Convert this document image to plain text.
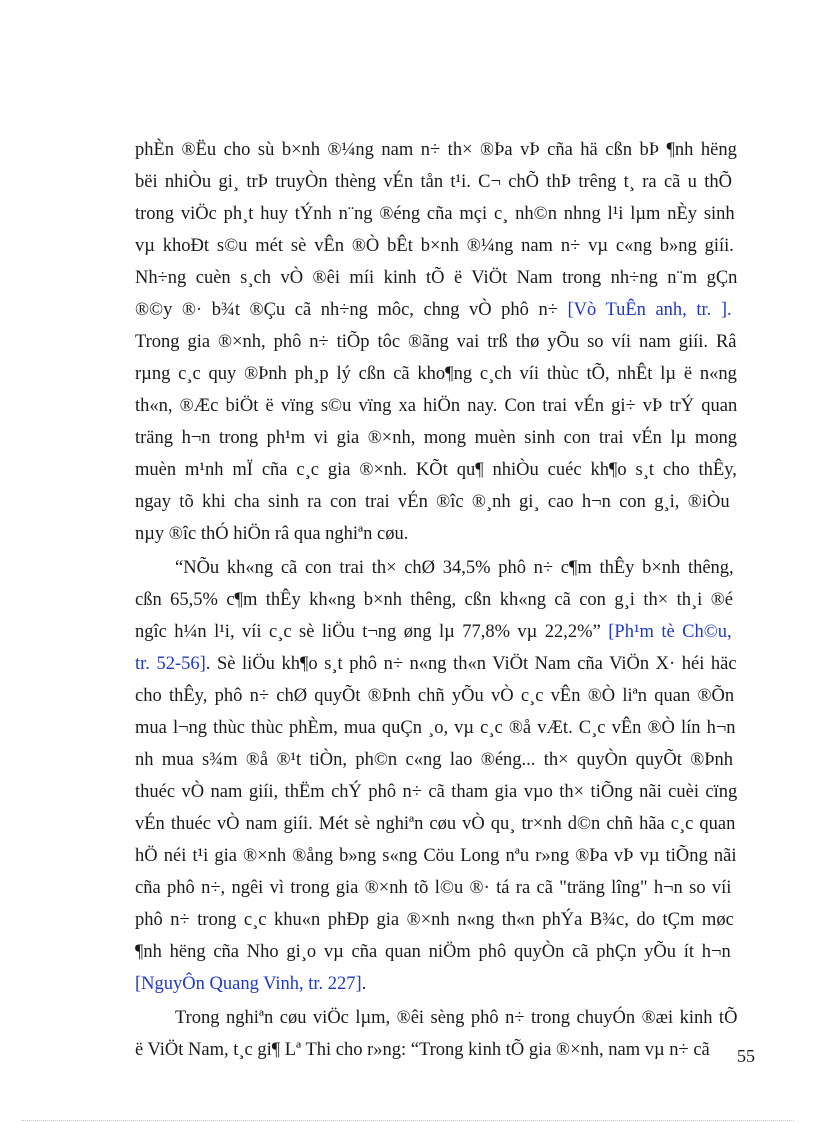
phÈn ®Ëu cho sù b×nh ®¼ng nam n÷ th× ®Þa vÞ cña hä cßn bÞ ¶nh hëng
bëi nhiÒu gi¸ trÞ truyÒn thèng vÉn tån t¹i. C¬ chÕ thÞ trêng t¸ ra cã u thÕ
trong viÖc ph¸t huy tÝnh n¨ng ®éng cña mçi c¸ nh©n nhng l¹i lµm nÈy sinh
vµ khoÐt s©u mét sè vÊn ®Ò bÊt b×nh ®¼ng nam n÷ vµ c«ng b»ng giíi.
Nh÷ng cuèn s¸ch vÒ ®êi míi kinh tÕ ë ViÖt Nam trong nh÷ng n¨m gÇn
®©y ®· b¾t ®Çu cã nh÷ng môc, chng vÒ phô n÷ [Vò TuÊn anh, tr. ].
Trong gia ®×nh, phô n÷ tiÕp tôc ®ãng vai trß thø yÕu so víi nam giíi. Râ
rµng c¸c quy ®Þnh ph¸p lý cßn cã kho¶ng c¸ch víi thùc tÕ, nhÊt lµ ë n«ng
th«n, ®Æc biÖt ë vïng s©u vïng xa hiÖn nay. Con trai vÉn gi÷ vÞ trÝ quan
träng h¬n trong ph¹m vi gia ®×nh, mong muèn sinh con trai vÉn lµ mong
muèn m¹nh mÏ cña c¸c gia ®×nh. KÕt qu¶ nhiÒu cuéc kh¶o s¸t cho thÊy,
ngay tõ khi cha sinh ra con trai vÉn ®îc ®¸nh gi¸ cao h¬n con g¸i, ®iÒu
nµy ®îc thÓ hiÖn râ qua nghiªn cøu.
“NÕu kh«ng cã con trai th× chØ 34,5% phô n÷ c¶m thÊy b×nh thêng,
cßn 65,5% c¶m thÊy kh«ng b×nh thêng, cßn kh«ng cã con g¸i th× th¸i ®é
ngîc h¼n l¹i, víi c¸c sè liÖu t¬ng øng lµ 77,8% vµ 22,2%” [Ph¹m tè Ch©u,
tr. 52-56]. Sè liÖu kh¶o s¸t phô n÷ n«ng th«n ViÖt Nam cña ViÖn X· héi häc
cho thÊy, phô n÷ chØ quyÕt ®Þnh chñ yÕu vÒ c¸c vÊn ®Ò liªn quan ®Õn
mua l¬ng thùc thùc phÈm, mua quÇn ¸o, vµ c¸c ®å vÆt. C¸c vÊn ®Ò lín h¬n
nh mua s¾m ®å ®¹t tiÒn, ph©n c«ng lao ®éng... th× quyÒn quyÕt ®Þnh
thuéc vÒ nam giíi, thËm chÝ phô n÷ cã tham gia vµo th× tiÕng nãi cuèi cïng
vÉn thuéc vÒ nam giíi. Mét sè nghiªn cøu vÒ qu¸ tr×nh d©n chñ hãa c¸c quan
hÖ néi t¹i gia ®×nh ®ång b»ng s«ng Cöu Long nªu r»ng ®Þa vÞ vµ tiÕng nãi
cña phô n÷, ngêi vì trong gia ®×nh tõ l©u ®· tá ra cã "träng lîng" h¬n so víi
phô n÷ trong c¸c khu«n phÐp gia ®×nh n«ng th«n phÝa B¾c, do tÇm møc
¶nh hëng cña Nho gi¸o vµ cña quan niÖm phô quyÒn cã phÇn yÕu ít h¬n
[NguyÔn Quang Vinh, tr. 227].
Trong nghiªn cøu viÖc lµm, ®êi sèng phô n÷ trong chuyÓn ®æi kinh tÕ
ë ViÖt Nam, t¸c gi¶ Lª Thi cho r»ng: “Trong kinh tÕ gia ®×nh, nam vµ n÷ cã 55
